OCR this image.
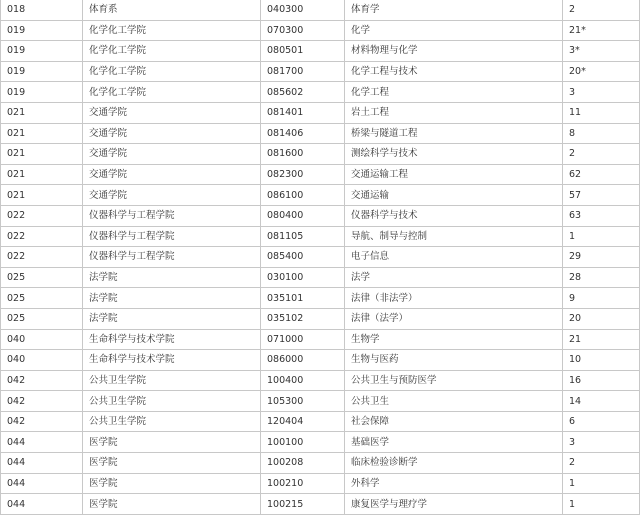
018	体育系	040300	体育学	2
019	化学化工学院	070300	化学	21*
019	化学化工学院	080501	材料物理与化学	3*
019	化学化工学院	081700	化学工程与技术	20*
019	化学化工学院	085602	化学工程	3
021	交通学院	081401	岩土工程	11
021	交通学院	081406	桥梁与隧道工程	8
021	交通学院	081600	测绘科学与技术	2
021	交通学院	082300	交通运输工程	62
021	交通学院	086100	交通运输	57
022	仪器科学与工程学院	080400	仪器科学与技术	63
022	仪器科学与工程学院	081105	导航、制导与控制	1
022	仪器科学与工程学院	085400	电子信息	29
025	法学院	030100	法学	28
025	法学院	035101	法律（非法学）	9
025	法学院	035102	法律（法学）	20
040	生命科学与技术学院	071000	生物学	21
040	生命科学与技术学院	086000	生物与医药	10
042	公共卫生学院	100400	公共卫生与预防医学	16
042	公共卫生学院	105300	公共卫生	14
042	公共卫生学院	120404	社会保障	6
044	医学院	100100	基础医学	3
044	医学院	100208	临床检验诊断学	2
044	医学院	100210	外科学	1
044	医学院	100215	康复医学与理疗学	1
